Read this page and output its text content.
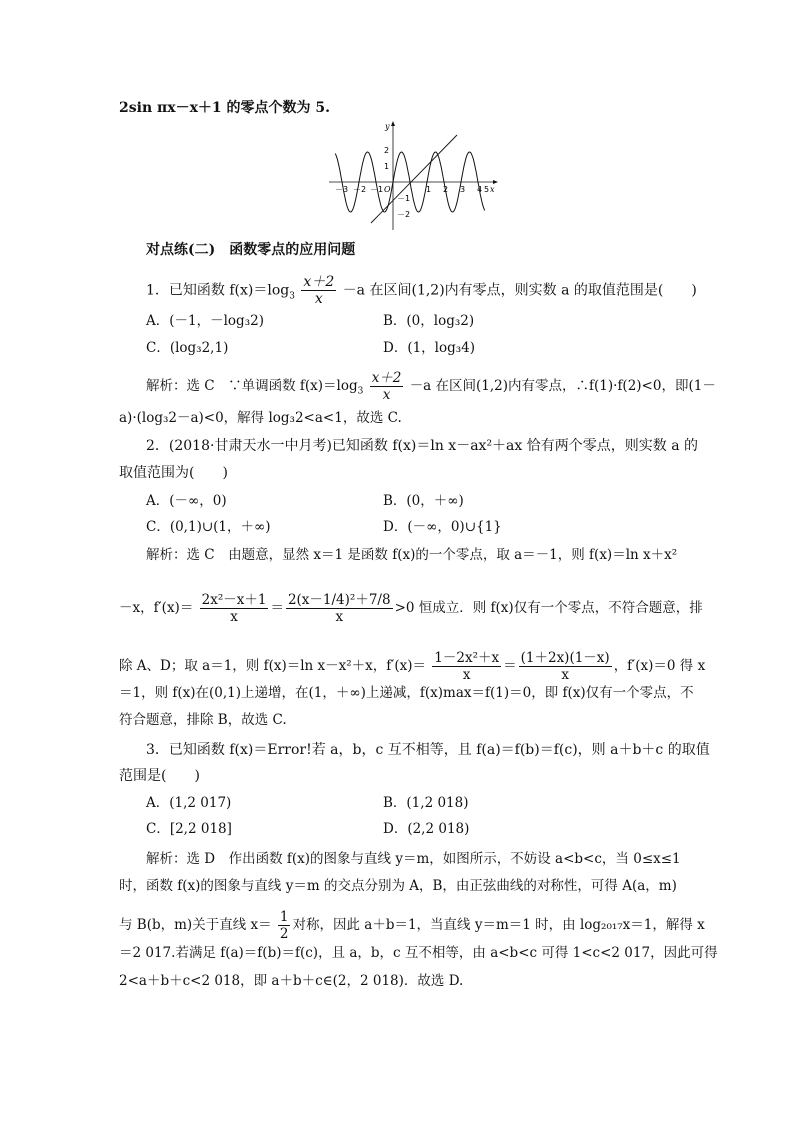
2sin πx－x＋1 的零点个数为 5.
y
x
O
2
1
－1
－2
－3 －2 －1	1 2 3 4 5
对点练(二)　函数零点的应用问题
1．已知函数 $f(x)=\log_3 \frac{x+2}{x} -a$ 在区间(1,2)内有零点，则实数 a 的取值范围是(　　)
A．(－1，－log₃2)	B．(0，log₃2)
C．(log₃2,1)	D．(1，log₃4)
解析：选 C　∵单调函数 $f(x)=\log_3 \frac{x+2}{x} -a$ 在区间(1,2)内有零点，∴f(1)·f(2)<0，即(1－
a)·(log₃2－a)<0，解得 log₃2<a<1，故选 C.
2．(2018·甘肃天水一中月考)已知函数 f(x)＝ln x－ax²＋ax 恰有两个零点，则实数 a 的
取值范围为(　　)
A．(－∞，0)	B．(0，＋∞)
C．(0,1)∪(1，＋∞)	D．(－∞，0)∪{1}
解析：选 C　由题意，显然 x＝1 是函数 f(x)的一个零点，取 a＝－1，则 f(x)＝ln x＋x²
－x，$f'(x)= \frac{\text{2x²－x＋1}}{x} = \frac{\text{2(x－1/4)²＋7/8}}{x} >0$ 恒成立．则 f(x)仅有一个零点，不符合题意，排
除 A、D；取 a＝1，则 f(x)＝ln x－x²＋x，$f'(x)= \frac{\text{1－2x²＋x}}{x} = \frac{(1+2x)(1-x)}{x}$ ，f′(x)＝0 得 x
＝1，则 f(x)在(0,1)上递增，在(1，＋∞)上递减，f(x)max＝f(1)＝0，即 f(x)仅有一个零点，不
符合题意，排除 B，故选 C.
3．已知函数 f(x)＝Error!若 a，b，c 互不相等，且 f(a)＝f(b)＝f(c)，则 a＋b＋c 的取值
范围是(　　)
A．(1,2 017)	B．(1,2 018)
C．[2,2 018]	D．(2,2 018)
解析：选 D　作出函数 f(x)的图象与直线 y＝m，如图所示，不妨设 a<b<c，当 0≤x≤1
时，函数 f(x)的图象与直线 y＝m 的交点分别为 A，B，由正弦曲线的对称性，可得 A(a，m)
与 B(b，m)关于直线 $x= \frac{1}{2}$ 对称，因此 a＋b＝1，当直线 y＝m＝1 时，由 log₂₀₁₇x＝1，解得 x
＝2 017.若满足 f(a)＝f(b)＝f(c)，且 a，b，c 互不相等，由 a<b<c 可得 1<c<2 017，因此可得
2<a＋b＋c<2 018，即 a＋b＋c∈(2，2 018)．故选 D.
